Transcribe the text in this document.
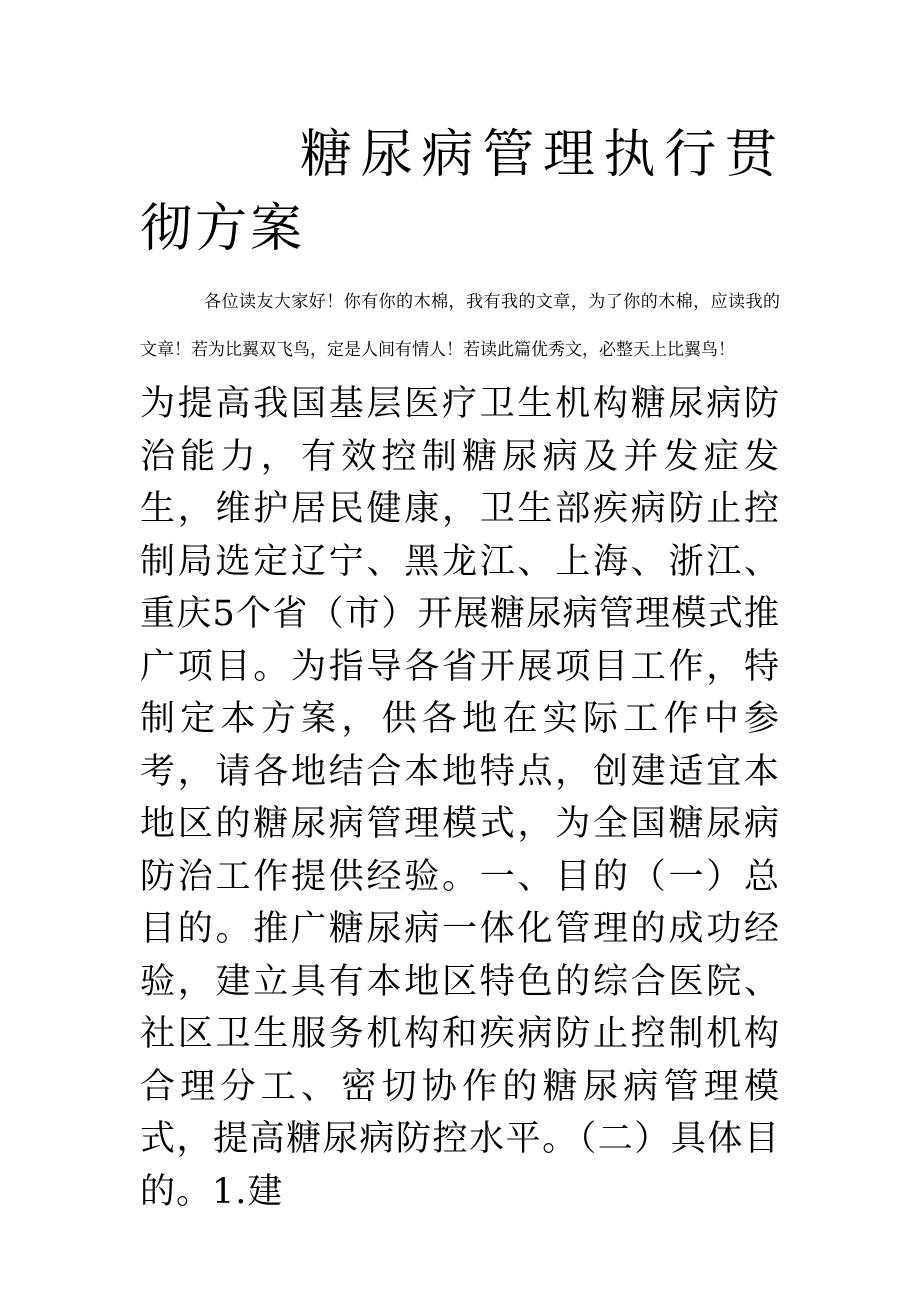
糖尿病管理执行贯彻方案

各位读友大家好！你有你的木棉，我有我的文章，为了你的木棉，应读我的文章！若为比翼双飞鸟，定是人间有情人！若读此篇优秀文，必整天上比翼鸟！

为提高我国基层医疗卫生机构糖尿病防治能力，有效控制糖尿病及并发症发生，维护居民健康，卫生部疾病防止控制局选定辽宁、黑龙江、上海、浙江、重庆5个省（市）开展糖尿病管理模式推广项目。为指导各省开展项目工作，特制定本方案，供各地在实际工作中参考，请各地结合本地特点，创建适宜本地区的糖尿病管理模式，为全国糖尿病防治工作提供经验。一、目的（一）总目的。推广糖尿病一体化管理的成功经验，建立具有本地区特色的综合医院、社区卫生服务机构和疾病防止控制机构合理分工、密切协作的糖尿病管理模式，提高糖尿病防控水平。（二）具体目的。1.建
